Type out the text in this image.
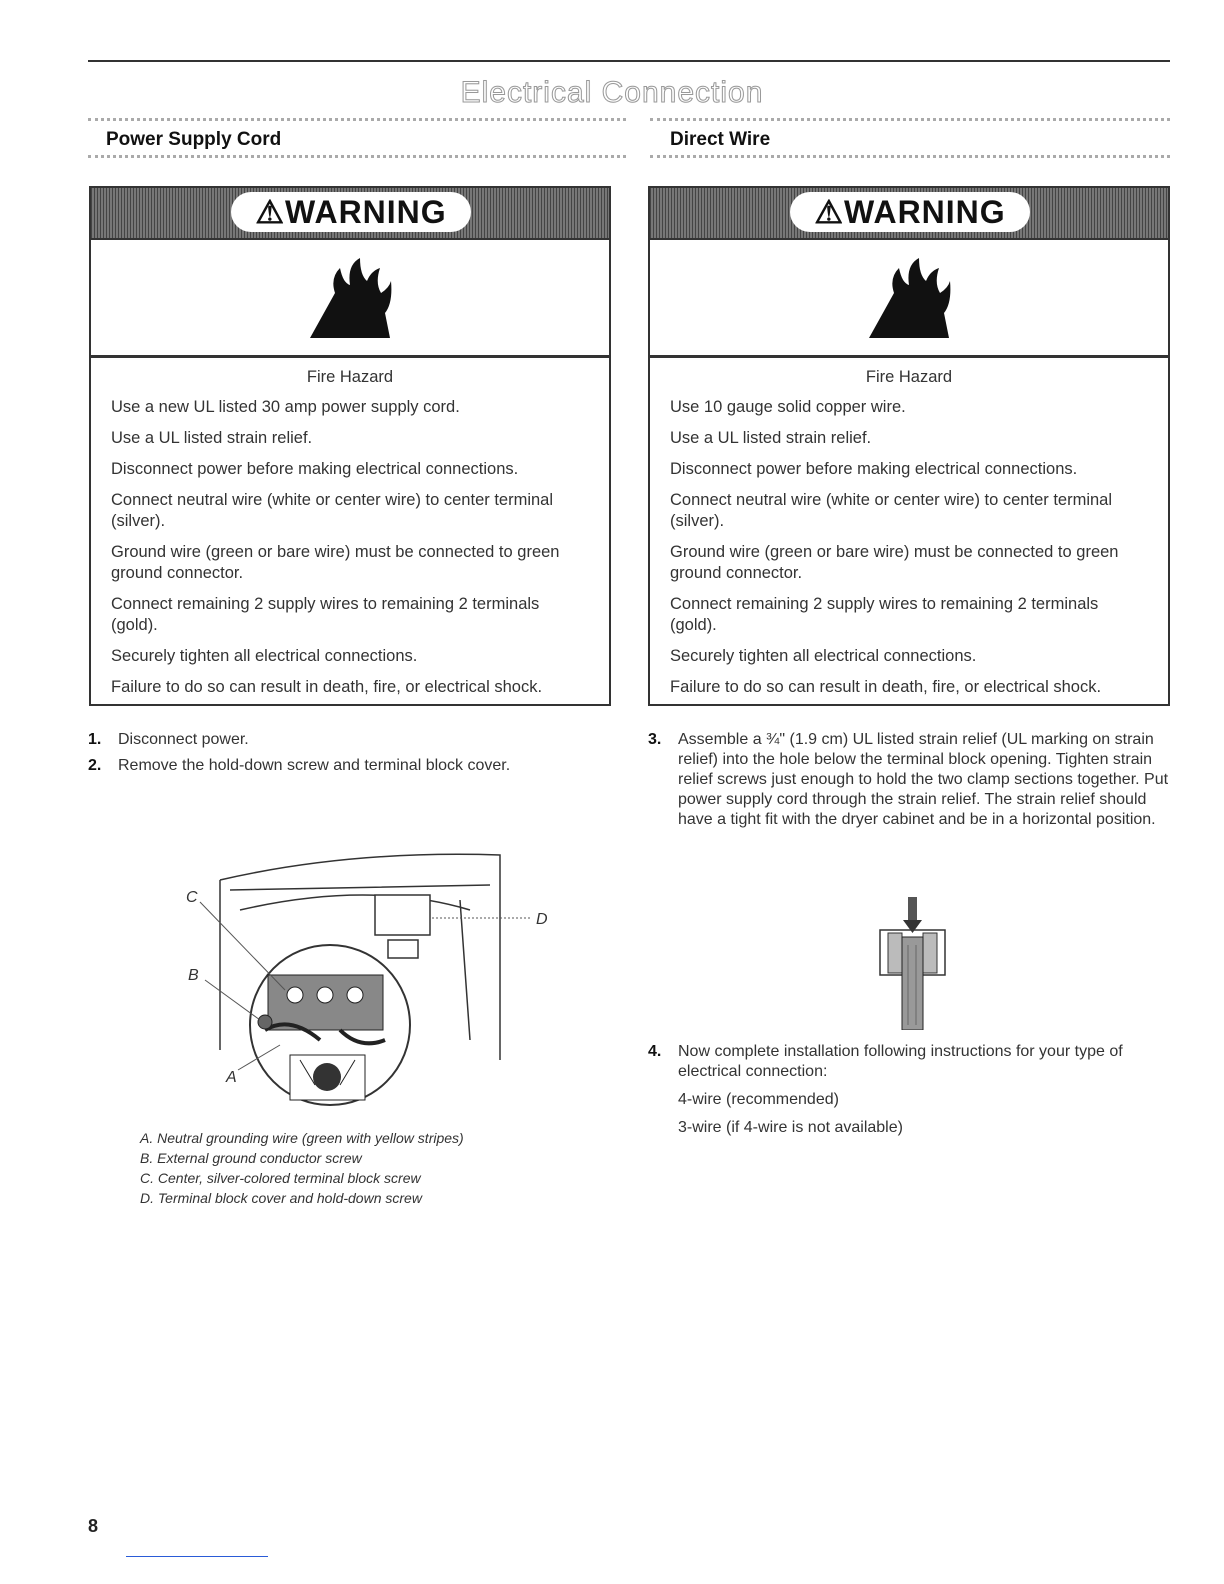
Electrical Connection
Power Supply Cord	Direct Wire
⚠WARNING
Fire Hazard

Use a new UL listed 30 amp power supply cord.

Use a UL listed strain relief.

Disconnect power before making electrical connections.

Connect neutral wire (white or center wire) to center terminal (silver).

Ground wire (green or bare wire) must be connected to green ground connector.

Connect remaining 2 supply wires to remaining 2 terminals (gold).

Securely tighten all electrical connections.

Failure to do so can result in death, fire, or electrical shock.

⚠WARNING
Fire Hazard

Use 10 gauge solid copper wire.

Use a UL listed strain relief.

Disconnect power before making electrical connections.

Connect neutral wire (white or center wire) to center terminal (silver).

Ground wire (green or bare wire) must be connected to green ground connector.

Connect remaining 2 supply wires to remaining 2 terminals (gold).

Securely tighten all electrical connections.

Failure to do so can result in death, fire, or electrical shock.

1.	Disconnect power.
2.	Remove the hold-down screw and terminal block cover.
C
B
A
D
A. Neutral grounding wire (green with yellow stripes)
B. External ground conductor screw
C. Center, silver-colored terminal block screw
D. Terminal block cover and hold-down screw
3.	Assemble a ¾" (1.9 cm) UL listed strain relief (UL marking on strain relief) into the hole below the terminal block opening. Tighten strain relief screws just enough to hold the two clamp sections together. Put power supply cord through the strain relief. The strain relief should have a tight fit with the dryer cabinet and be in a horizontal position.
4.	Now complete installation following instructions for your type of electrical connection:
4-wire (recommended)
3-wire (if 4-wire is not available)
8
